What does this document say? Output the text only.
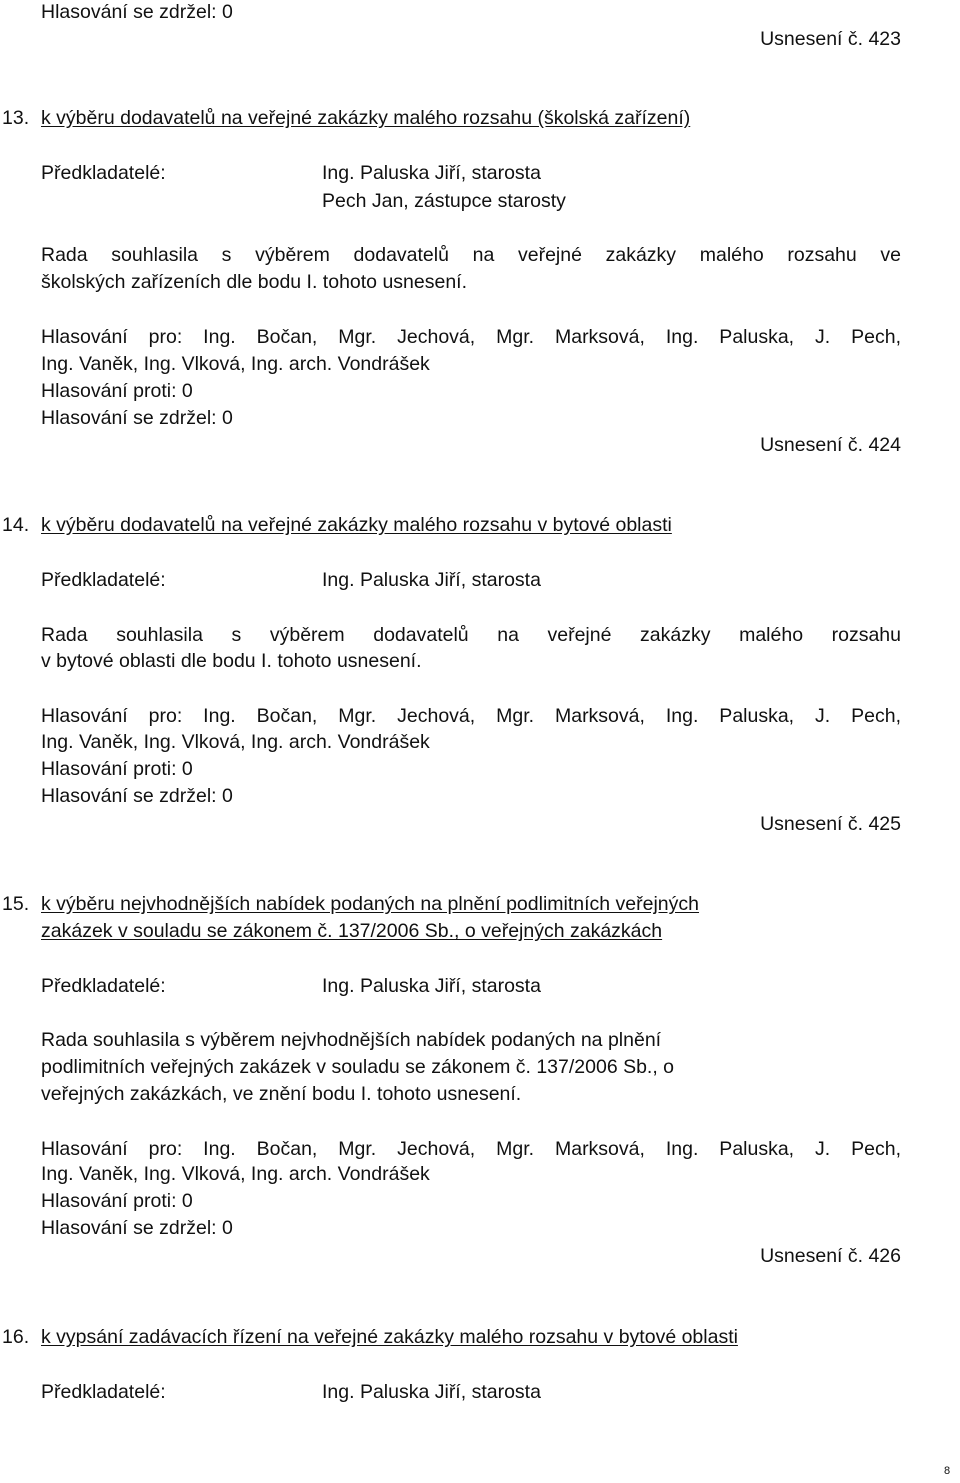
Hlasování se zdržel: 0
Usnesení č. 423
13. k výběru dodavatelů na veřejné zakázky malého rozsahu (školská zařízení)
Předkladatelé:	Ing. Paluska Jiří, starosta
Pech Jan, zástupce starosty
Rada souhlasila s výběrem dodavatelů na veřejné zakázky malého rozsahu ve
školských zařízeních dle bodu I. tohoto usnesení.
Hlasování pro: Ing. Bočan, Mgr. Jechová, Mgr. Marksová, Ing. Paluska, J. Pech,
Ing. Vaněk, Ing. Vlková, Ing. arch. Vondrášek
Hlasování proti: 0
Hlasování se zdržel: 0
Usnesení č. 424
14. k výběru dodavatelů na veřejné zakázky malého rozsahu v bytové oblasti
Předkladatelé:	Ing. Paluska Jiří, starosta
Rada souhlasila s výběrem dodavatelů na veřejné zakázky malého rozsahu
v bytové oblasti dle bodu I. tohoto usnesení.
Hlasování pro: Ing. Bočan, Mgr. Jechová, Mgr. Marksová, Ing. Paluska, J. Pech,
Ing. Vaněk, Ing. Vlková, Ing. arch. Vondrášek
Hlasování proti: 0
Hlasování se zdržel: 0
Usnesení č. 425
15. k výběru nejvhodnějších nabídek podaných na plnění podlimitních veřejných
zakázek v souladu se zákonem č. 137/2006 Sb., o veřejných zakázkách
Předkladatelé:	Ing. Paluska Jiří, starosta
Rada souhlasila s výběrem nejvhodnějších nabídek podaných na plnění
podlimitních veřejných zakázek v souladu se zákonem č. 137/2006 Sb., o
veřejných zakázkách, ve znění bodu I. tohoto usnesení.
Hlasování pro: Ing. Bočan, Mgr. Jechová, Mgr. Marksová, Ing. Paluska, J. Pech,
Ing. Vaněk, Ing. Vlková, Ing. arch. Vondrášek
Hlasování proti: 0
Hlasování se zdržel: 0
Usnesení č. 426
16. k vypsání zadávacích řízení na veřejné zakázky malého rozsahu v bytové oblasti
Předkladatelé:	Ing. Paluska Jiří, starosta
8
